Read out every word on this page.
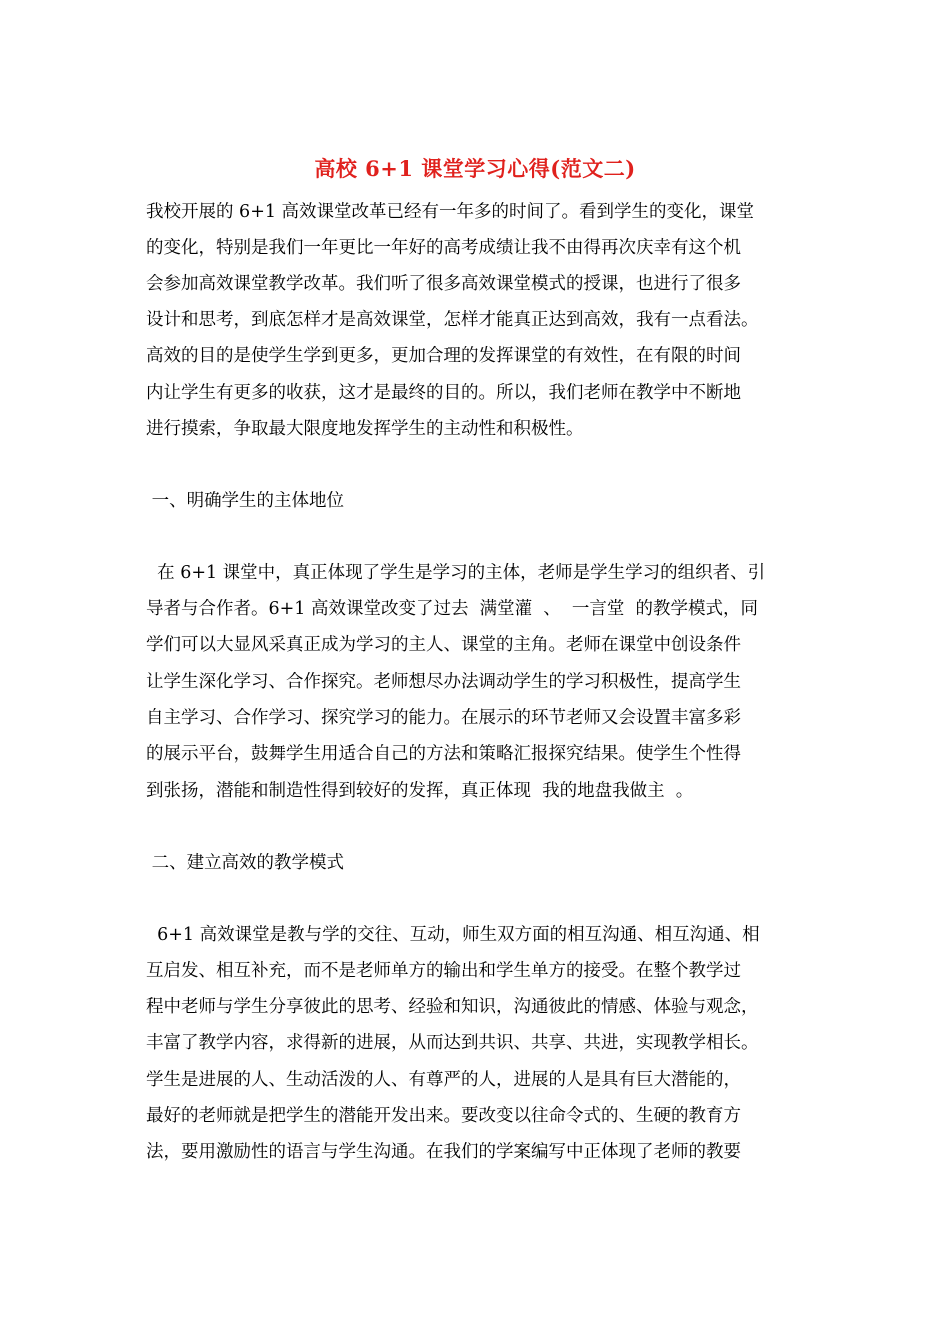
高校 6+1 课堂学习心得(范文二)
我校开展的 6+1 高效课堂改革已经有一年多的时间了。看到学生的变化，课堂
的变化，特别是我们一年更比一年好的高考成绩让我不由得再次庆幸有这个机
会参加高效课堂教学改革。我们听了很多高效课堂模式的授课，也进行了很多
设计和思考，到底怎样才是高效课堂，怎样才能真正达到高效，我有一点看法。
高效的目的是使学生学到更多，更加合理的发挥课堂的有效性，在有限的时间
内让学生有更多的收获，这才是最终的目的。所以，我们老师在教学中不断地
进行摸索，争取最大限度地发挥学生的主动性和积极性。
一、明确学生的主体地位
在 6+1 课堂中，真正体现了学生是学习的主体，老师是学生学习的组织者、引
导者与合作者。6+1 高效课堂改变了过去  满堂灌  、  一言堂  的教学模式，同
学们可以大显风采真正成为学习的主人、课堂的主角。老师在课堂中创设条件
让学生深化学习、合作探究。老师想尽办法调动学生的学习积极性，提高学生
自主学习、合作学习、探究学习的能力。在展示的环节老师又会设置丰富多彩
的展示平台，鼓舞学生用适合自己的方法和策略汇报探究结果。使学生个性得
到张扬，潜能和制造性得到较好的发挥，真正体现  我的地盘我做主  。
二、建立高效的教学模式
6+1 高效课堂是教与学的交往、互动，师生双方面的相互沟通、相互沟通、相
互启发、相互补充，而不是老师单方的输出和学生单方的接受。在整个教学过
程中老师与学生分享彼此的思考、经验和知识，沟通彼此的情感、体验与观念，
丰富了教学内容，求得新的进展，从而达到共识、共享、共进，实现教学相长。
学生是进展的人、生动活泼的人、有尊严的人，进展的人是具有巨大潜能的，
最好的老师就是把学生的潜能开发出来。要改变以往命令式的、生硬的教育方
法，要用激励性的语言与学生沟通。在我们的学案编写中正体现了老师的教要
